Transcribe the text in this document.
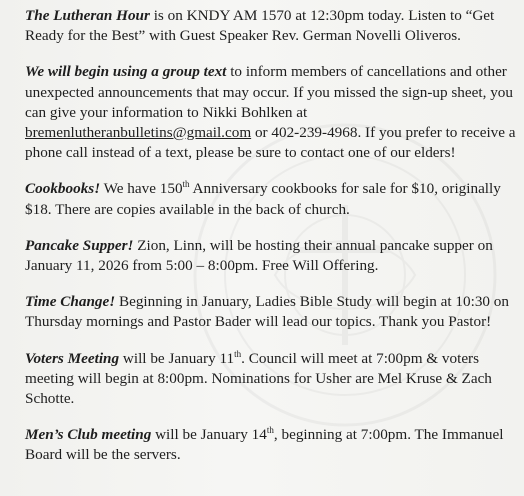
The Lutheran Hour is on KNDY AM 1570 at 12:30pm today. Listen to “Get Ready for the Best” with Guest Speaker Rev. German Novelli Oliveros.

We will begin using a group text to inform members of cancellations and other unexpected announcements that may occur. If you missed the sign-up sheet, you can give your information to Nikki Bohlken at bremenlutheranbulletins@gmail.com or 402-239-4968. If you prefer to receive a phone call instead of a text, please be sure to contact one of our elders!

Cookbooks! We have 150th Anniversary cookbooks for sale for $10, originally $18. There are copies available in the back of church.

Pancake Supper! Zion, Linn, will be hosting their annual pancake supper on January 11, 2026 from 5:00 – 8:00pm. Free Will Offering.

Time Change! Beginning in January, Ladies Bible Study will begin at 10:30 on Thursday mornings and Pastor Bader will lead our topics. Thank you Pastor!

Voters Meeting will be January 11th. Council will meet at 7:00pm & voters meeting will begin at 8:00pm. Nominations for Usher are Mel Kruse & Zach Schotte.

Men’s Club meeting will be January 14th, beginning at 7:00pm. The Immanuel Board will be the servers.
